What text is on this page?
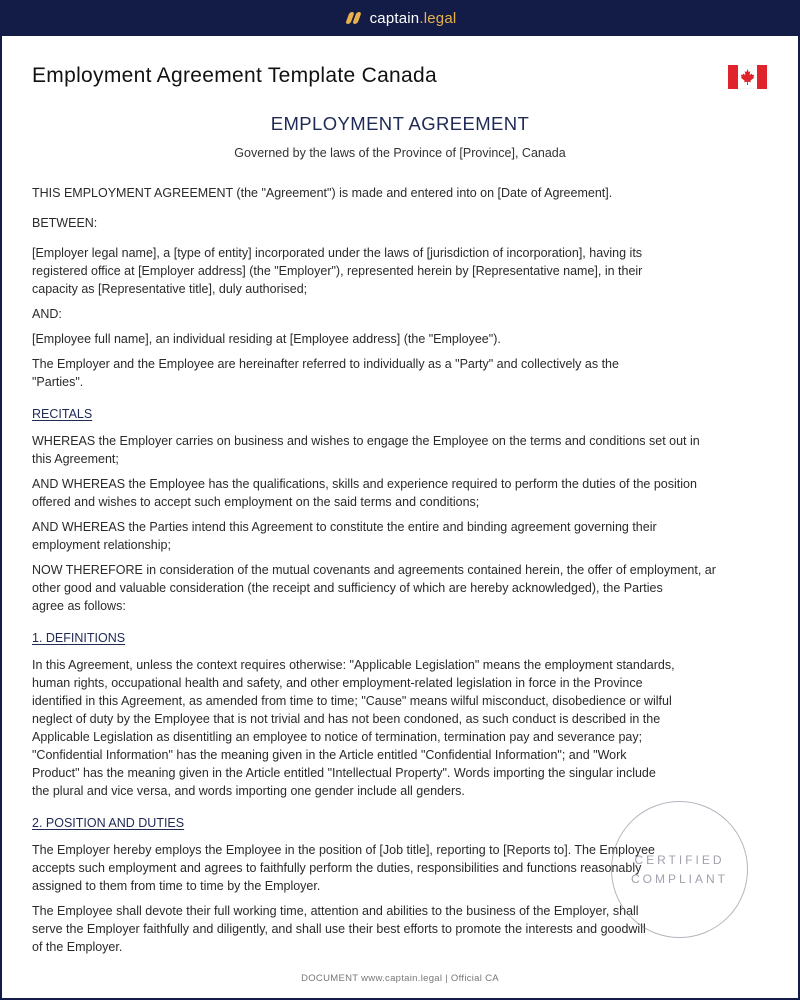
captain.legal
Employment Agreement Template Canada
EMPLOYMENT AGREEMENT
Governed by the laws of the Province of [Province], Canada

THIS EMPLOYMENT AGREEMENT (the "Agreement") is made and entered into on [Date of Agreement].

BETWEEN:

[Employer legal name], a [type of entity] incorporated under the laws of [jurisdiction of incorporation], having its
registered office at [Employer address] (the "Employer"), represented herein by [Representative name], in their
capacity as [Representative title], duly authorised;

AND:

[Employee full name], an individual residing at [Employee address] (the "Employee").

The Employer and the Employee are hereinafter referred to individually as a "Party" and collectively as the
"Parties".

RECITALS

WHEREAS the Employer carries on business and wishes to engage the Employee on the terms and conditions set out in
this Agreement;

AND WHEREAS the Employee has the qualifications, skills and experience required to perform the duties of the position
offered and wishes to accept such employment on the said terms and conditions;

AND WHEREAS the Parties intend this Agreement to constitute the entire and binding agreement governing their
employment relationship;

NOW THEREFORE in consideration of the mutual covenants and agreements contained herein, the offer of employment, ar
other good and valuable consideration (the receipt and sufficiency of which are hereby acknowledged), the Parties
agree as follows:

1. DEFINITIONS

In this Agreement, unless the context requires otherwise: "Applicable Legislation" means the employment standards,
human rights, occupational health and safety, and other employment-related legislation in force in the Province
identified in this Agreement, as amended from time to time; "Cause" means wilful misconduct, disobedience or wilful
neglect of duty by the Employee that is not trivial and has not been condoned, as such conduct is described in the
Applicable Legislation as disentitling an employee to notice of termination, termination pay and severance pay;
"Confidential Information" has the meaning given in the Article entitled "Confidential Information"; and "Work
Product" has the meaning given in the Article entitled "Intellectual Property". Words importing the singular include
the plural and vice versa, and words importing one gender include all genders.

2. POSITION AND DUTIES

The Employer hereby employs the Employee in the position of [Job title], reporting to [Reports to]. The Employee
accepts such employment and agrees to faithfully perform the duties, responsibilities and functions reasonably
assigned to them from time to time by the Employer.

The Employee shall devote their full working time, attention and abilities to the business of the Employer, shall
serve the Employer faithfully and diligently, and shall use their best efforts to promote the interests and goodwill
of the Employer.

CERTIFIED
COMPLIANT
DOCUMENT www.captain.legal | Official CA
